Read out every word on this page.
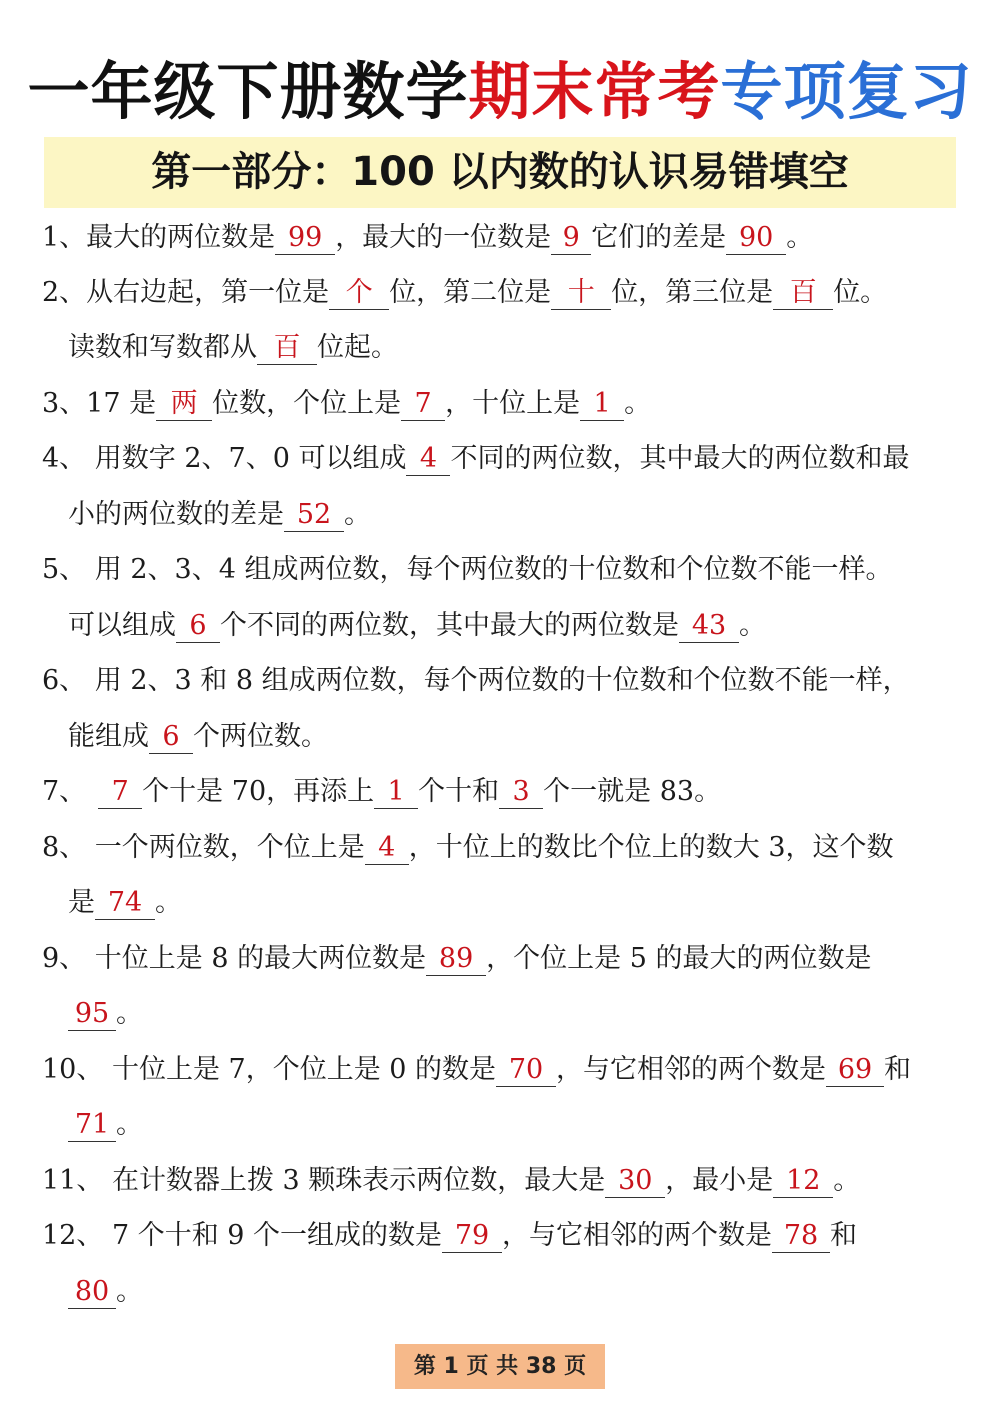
一年级下册数学期末常考专项复习
第一部分：100 以内数的认识易错填空
1、最大的两位数是 99 ，最大的一位数是 9 它们的差是 90 。
2、从右边起，第一位是 个 位，第二位是 十 位，第三位是 百 位。
读数和写数都从 百 位起。
3、17 是 两 位数，个位上是 7 ，十位上是 1 。
4、 用数字 2、7、0 可以组成 4 不同的两位数，其中最大的两位数和最
小的两位数的差是 52 。
5、 用 2、3、4 组成两位数，每个两位数的十位数和个位数不能一样。
可以组成 6 个不同的两位数，其中最大的两位数是 43 。
6、 用 2、3 和 8 组成两位数，每个两位数的十位数和个位数不能一样，
能组成 6 个两位数。
7、 7 个十是 70，再添上 1 个十和 3 个一就是 83。
8、 一个两位数，个位上是 4 ，十位上的数比个位上的数大 3，这个数
是 74 。
9、 十位上是 8 的最大两位数是 89 ，个位上是 5 的最大的两位数是
95 。
10、 十位上是 7，个位上是 0 的数是 70 ，与它相邻的两个数是 69 和
71 。
11、 在计数器上拨 3 颗珠表示两位数，最大是 30 ，最小是 12 。
12、 7 个十和 9 个一组成的数是 79 ，与它相邻的两个数是 78 和
80 。
第 1 页 共 38 页
